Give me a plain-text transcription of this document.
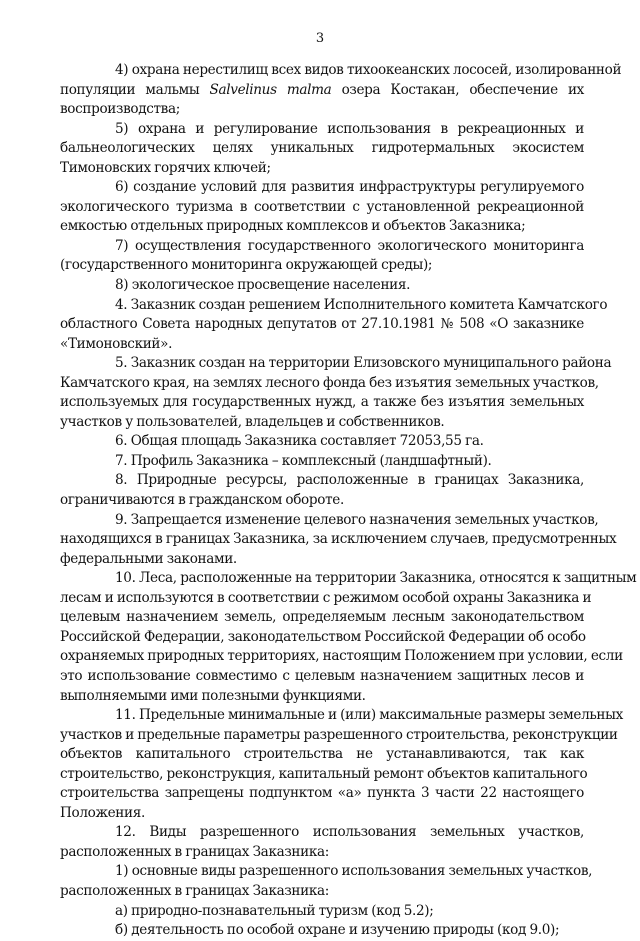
3
4) охрана нерестилищ всех видов тихоокеанских лососей, изолированной
популяции мальмы Salvelinus malma озера Костакан, обеспечение их
воспроизводства;
5) охрана и регулирование использования в рекреационных и
бальнеологических целях уникальных гидротермальных экосистем
Тимоновских горячих ключей;
6) создание условий для развития инфраструктуры регулируемого
экологического туризма в соответствии с установленной рекреационной
емкостью отдельных природных комплексов и объектов Заказника;
7) осуществления государственного экологического мониторинга
(государственного мониторинга окружающей среды);
8) экологическое просвещение населения.
4. Заказник создан решением Исполнительного комитета Камчатского
областного Совета народных депутатов от 27.10.1981 № 508 «О заказнике
«Тимоновский».
5. Заказник создан на территории Елизовского муниципального района
Камчатского края, на землях лесного фонда без изъятия земельных участков,
используемых для государственных нужд, а также без изъятия земельных
участков у пользователей, владельцев и собственников.
6. Общая площадь Заказника составляет 72053,55 га.
7. Профиль Заказника – комплексный (ландшафтный).
8. Природные ресурсы, расположенные в границах Заказника,
ограничиваются в гражданском обороте.
9. Запрещается изменение целевого назначения земельных участков,
находящихся в границах Заказника, за исключением случаев, предусмотренных
федеральными законами.
10. Леса, расположенные на территории Заказника, относятся к защитным
лесам и используются в соответствии с режимом особой охраны Заказника и
целевым назначением земель, определяемым лесным законодательством
Российской Федерации, законодательством Российской Федерации об особо
охраняемых природных территориях, настоящим Положением при условии, если
это использование совместимо с целевым назначением защитных лесов и
выполняемыми ими полезными функциями.
11. Предельные минимальные и (или) максимальные размеры земельных
участков и предельные параметры разрешенного строительства, реконструкции
объектов капитального строительства не устанавливаются, так как
строительство, реконструкция, капитальный ремонт объектов капитального
строительства запрещены подпунктом «а» пункта 3 части 22 настоящего
Положения.
12. Виды разрешенного использования земельных участков,
расположенных в границах Заказника:
1) основные виды разрешенного использования земельных участков,
расположенных в границах Заказника:
а) природно-познавательный туризм (код 5.2);
б) деятельность по особой охране и изучению природы (код 9.0);
